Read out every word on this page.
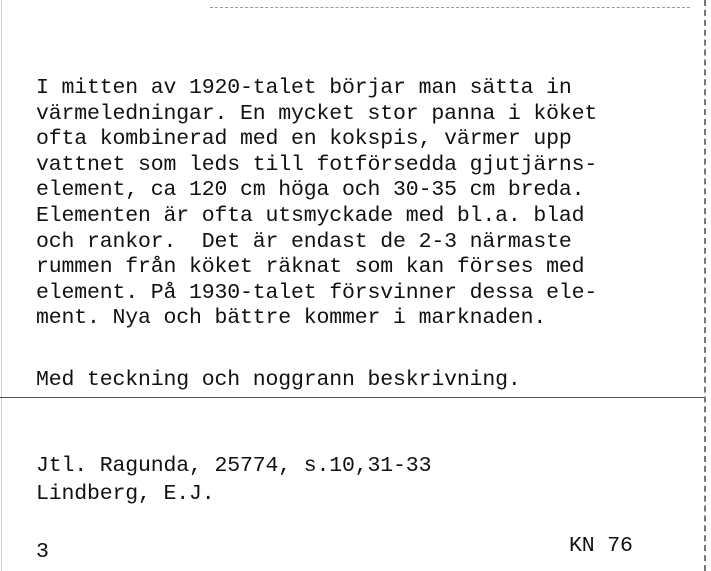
I mitten av 1920-talet börjar man sätta in
värmeledningar. En mycket stor panna i köket
ofta kombinerad med en kokspis, värmer upp
vattnet som leds till fotförsedda gjutjärns-
element, ca 120 cm höga och 30-35 cm breda.
Elementen är ofta utsmyckade med bl.a. blad
och rankor.  Det är endast de 2-3 närmaste
rummen från köket räknat som kan förses med
element. På 1930-talet försvinner dessa ele-
ment. Nya och bättre kommer i marknaden.
Med teckning och noggrann beskrivning.
Jtl. Ragunda, 25774, s.10,31-33
Lindberg, E.J.
3	KN 76
